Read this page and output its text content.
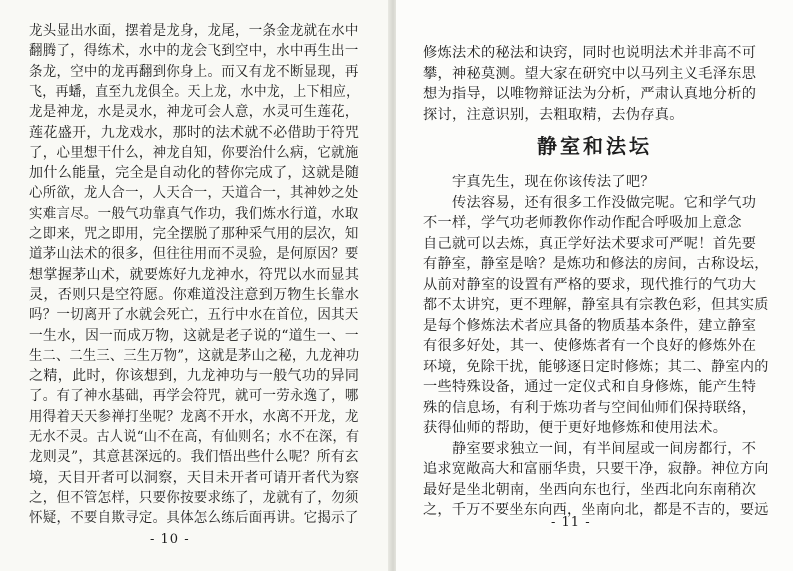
龙头显出水面，摆着是龙身，龙尾，一条金龙就在水中
翻腾了，得练术，水中的龙会飞到空中，水中再生出一
条龙，空中的龙再翻到你身上。而又有龙不断显现，再
飞，再蟠，直至九龙俱全。天上龙，水中龙，上下相应，
龙是神龙，水是灵水，神龙可会人意，水灵可生莲花，
莲花盛开，九龙戏水，那时的法术就不必借助于符咒
了，心里想干什么，神龙自知，你要治什么病，它就施
加什么能量，完全是自动化的替你完成了，这就是随
心所欲，龙人合一，人天合一，天道合一，其神妙之处
实难言尽。一般气功靠真气作功，我们炼水行道，水取
之即来，咒之即用，完全摆脱了那种采气用的层次，知
道茅山法术的很多，但往往用而不灵验，是何原因？要
想掌握茅山术，就要炼好九龙神水，符咒以水而显其
灵，否则只是空符愿。你难道没注意到万物生长靠水
吗？一切离开了水就会死亡，五行中水在首位，因其天
一生水，因一而成万物，这就是老子说的“道生一、一
生二、二生三、三生万物”，这就是茅山之秘，九龙神功
之精，此时，你该想到，九龙神功与一般气功的异同
了。有了神水基础，再学会符咒，就可一劳永逸了，哪
用得着天天参禅打坐呢？龙离不开水，水离不开龙，龙
无水不灵。古人说“山不在高，有仙则名；水不在深，有
龙则灵”，其意甚深远的。我们悟出些什么呢？所有玄
境，天目开者可以洞察，天目未开者可请开者代为察
之，但不管怎样，只要你按要求练了，龙就有了，勿须
怀疑，不要自欺寻定。具体怎么练后面再讲。它揭示了
- 10 -
修炼法术的秘法和诀窍，同时也说明法术并非高不可
攀，神秘莫测。望大家在研究中以马列主义毛泽东思
想为指导，以唯物辩证法为分析，严肃认真地分析的
探讨，注意识别，去粗取精，去伪存真。
静室和法坛
宇真先生，现在你该传法了吧？
传法容易，还有很多工作没做完呢。它和学气功
不一样，学气功老师教你作动作配合呼吸加上意念
自己就可以去炼，真正学好法术要求可严呢！首先要
有静室，静室是啥？是炼功和修法的房间，古称设坛，
从前对静室的设置有严格的要求，现代推行的气功大
都不太讲究，更不理解，静室具有宗教色彩，但其实质
是每个修炼法术者应具备的物质基本条件，建立静室
有很多好处，其一、使修炼者有一个良好的修炼外在
环境，免除干扰，能够逐日定时修炼；其二、静室内的
一些特殊设备，通过一定仪式和自身修炼，能产生特
殊的信息场，有利于炼功者与空间仙师们保持联络，
获得仙师的帮助，便于更好地修炼和使用法术。
静室要求独立一间，有半间屋或一间房都行，不
追求宽敞高大和富丽华贵，只要干净，寂静。神位方向
最好是坐北朝南，坐西向东也行，坐西北向东南稍次
之，千万不要坐东向西，坐南向北，都是不吉的，要远
- 11 -
